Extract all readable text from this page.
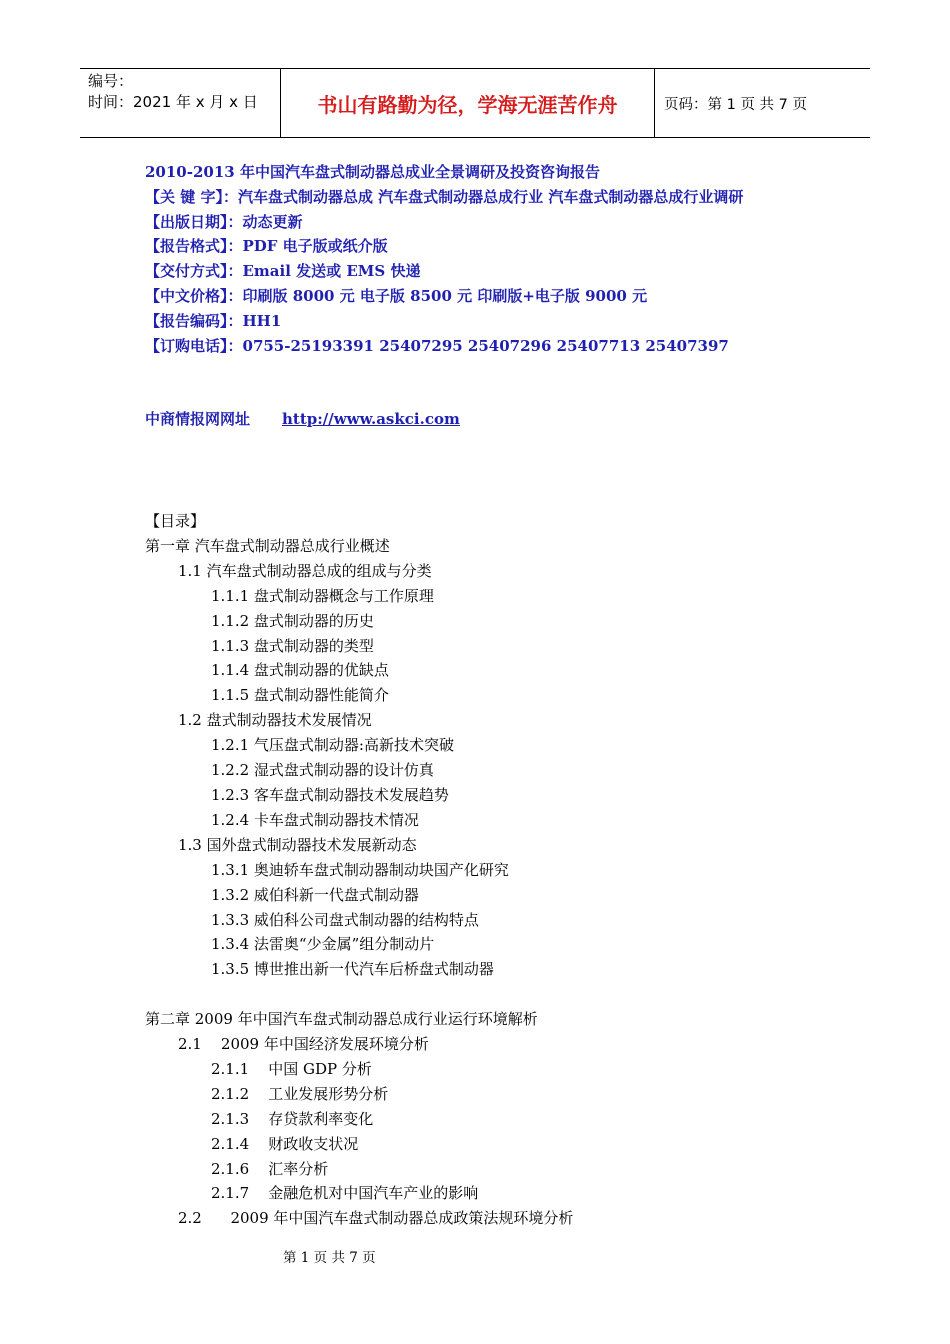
编号：
时间：2021 年 x 月 x 日	书山有路勤为径，学海无涯苦作舟	页码：第 1 页 共 7 页
2010-2013 年中国汽车盘式制动器总成业全景调研及投资咨询报告
【关 键 字】：汽车盘式制动器总成 汽车盘式制动器总成行业 汽车盘式制动器总成行业调研
【出版日期】：动态更新
【报告格式】：PDF 电子版或纸介版
【交付方式】：Email 发送或 EMS 快递
【中文价格】：印刷版 8000 元 电子版 8500 元 印刷版+电子版 9000 元
【报告编码】：HH1
【订购电话】：0755-25193391 25407295 25407296 25407713 25407397
中商情报网网址 http://www.askci.com
【目录】
第一章 汽车盘式制动器总成行业概述
1.1 汽车盘式制动器总成的组成与分类
1.1.1 盘式制动器概念与工作原理
1.1.2 盘式制动器的历史
1.1.3 盘式制动器的类型
1.1.4 盘式制动器的优缺点
1.1.5 盘式制动器性能简介
1.2 盘式制动器技术发展情况
1.2.1 气压盘式制动器:高新技术突破
1.2.2 湿式盘式制动器的设计仿真
1.2.3 客车盘式制动器技术发展趋势
1.2.4 卡车盘式制动器技术情况
1.3 国外盘式制动器技术发展新动态
1.3.1 奥迪轿车盘式制动器制动块国产化研究
1.3.2 威伯科新一代盘式制动器
1.3.3 威伯科公司盘式制动器的结构特点
1.3.4 法雷奥“少金属”组分制动片
1.3.5 博世推出新一代汽车后桥盘式制动器
第二章 2009 年中国汽车盘式制动器总成行业运行环境解析
2.1    2009 年中国经济发展环境分析
2.1.1    中国 GDP 分析
2.1.2    工业发展形势分析
2.1.3    存贷款利率变化
2.1.4    财政收支状况
2.1.6    汇率分析
2.1.7    金融危机对中国汽车产业的影响
2.2      2009 年中国汽车盘式制动器总成政策法规环境分析
第 1 页 共 7 页
